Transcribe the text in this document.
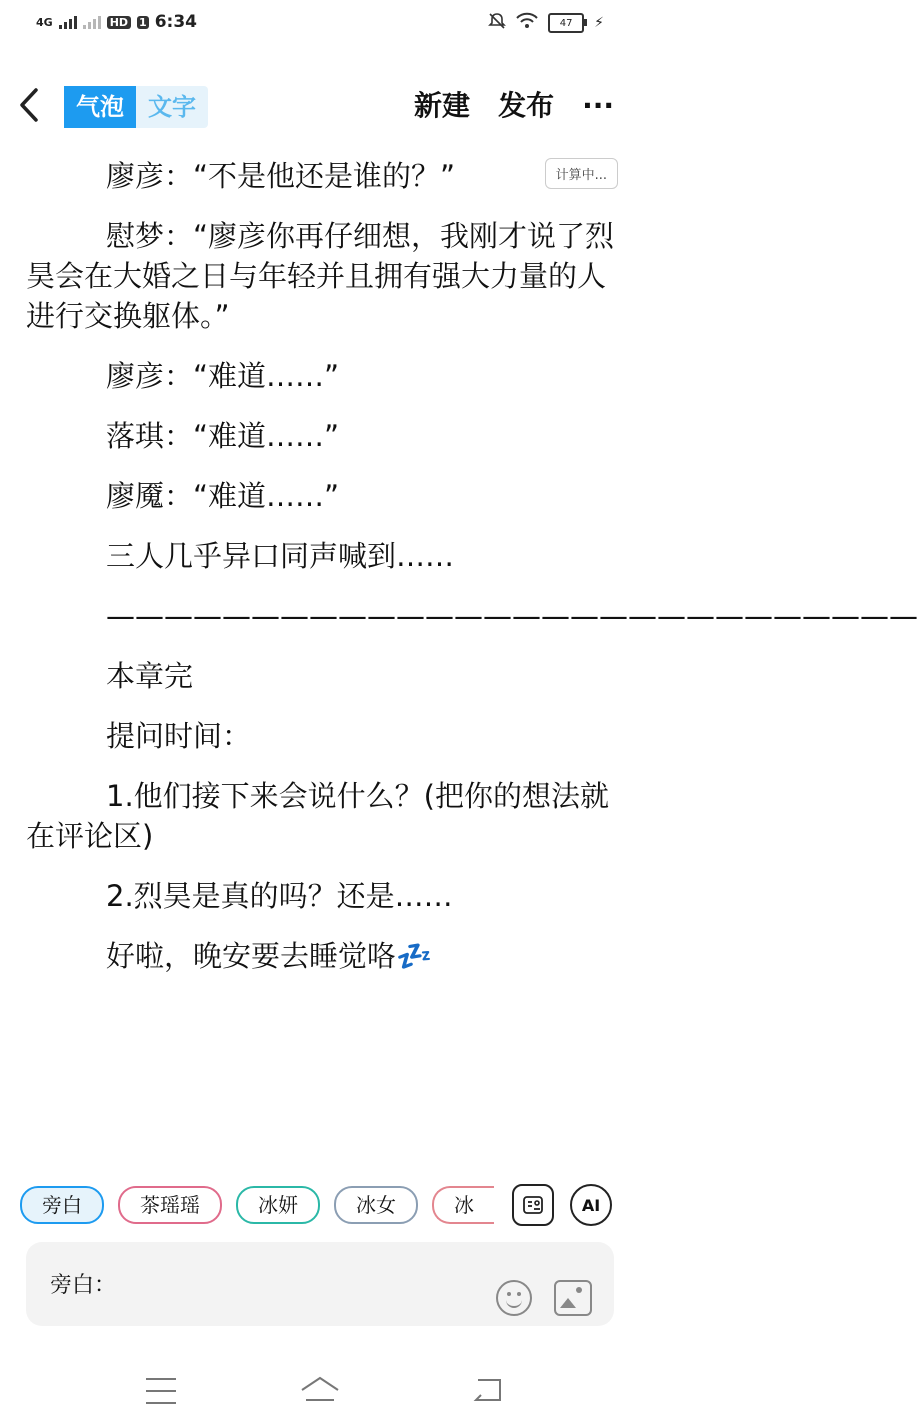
4G	HD 1 6:34	47 ⚡
气泡	文字	新建 发布 ···

廖彦：“不是他还是谁的？”

慰梦：“廖彦你再仔细想，我刚才说了烈昊会在大婚之日与年轻并且拥有强大力量的人进行交换躯体。”

廖彦：“难道……”

落琪：“难道……”

廖魇：“难道……”

三人几乎异口同声喊到……

————————————————————————————

本章完

提问时间：

1.他们接下来会说什么？(把你的想法就在评论区)

2.烈昊是真的吗？还是……

好啦，晚安要去睡觉咯💤

计算中...
旁白	茶瑶瑶	冰妍	冰女	冰	AI
旁白：
